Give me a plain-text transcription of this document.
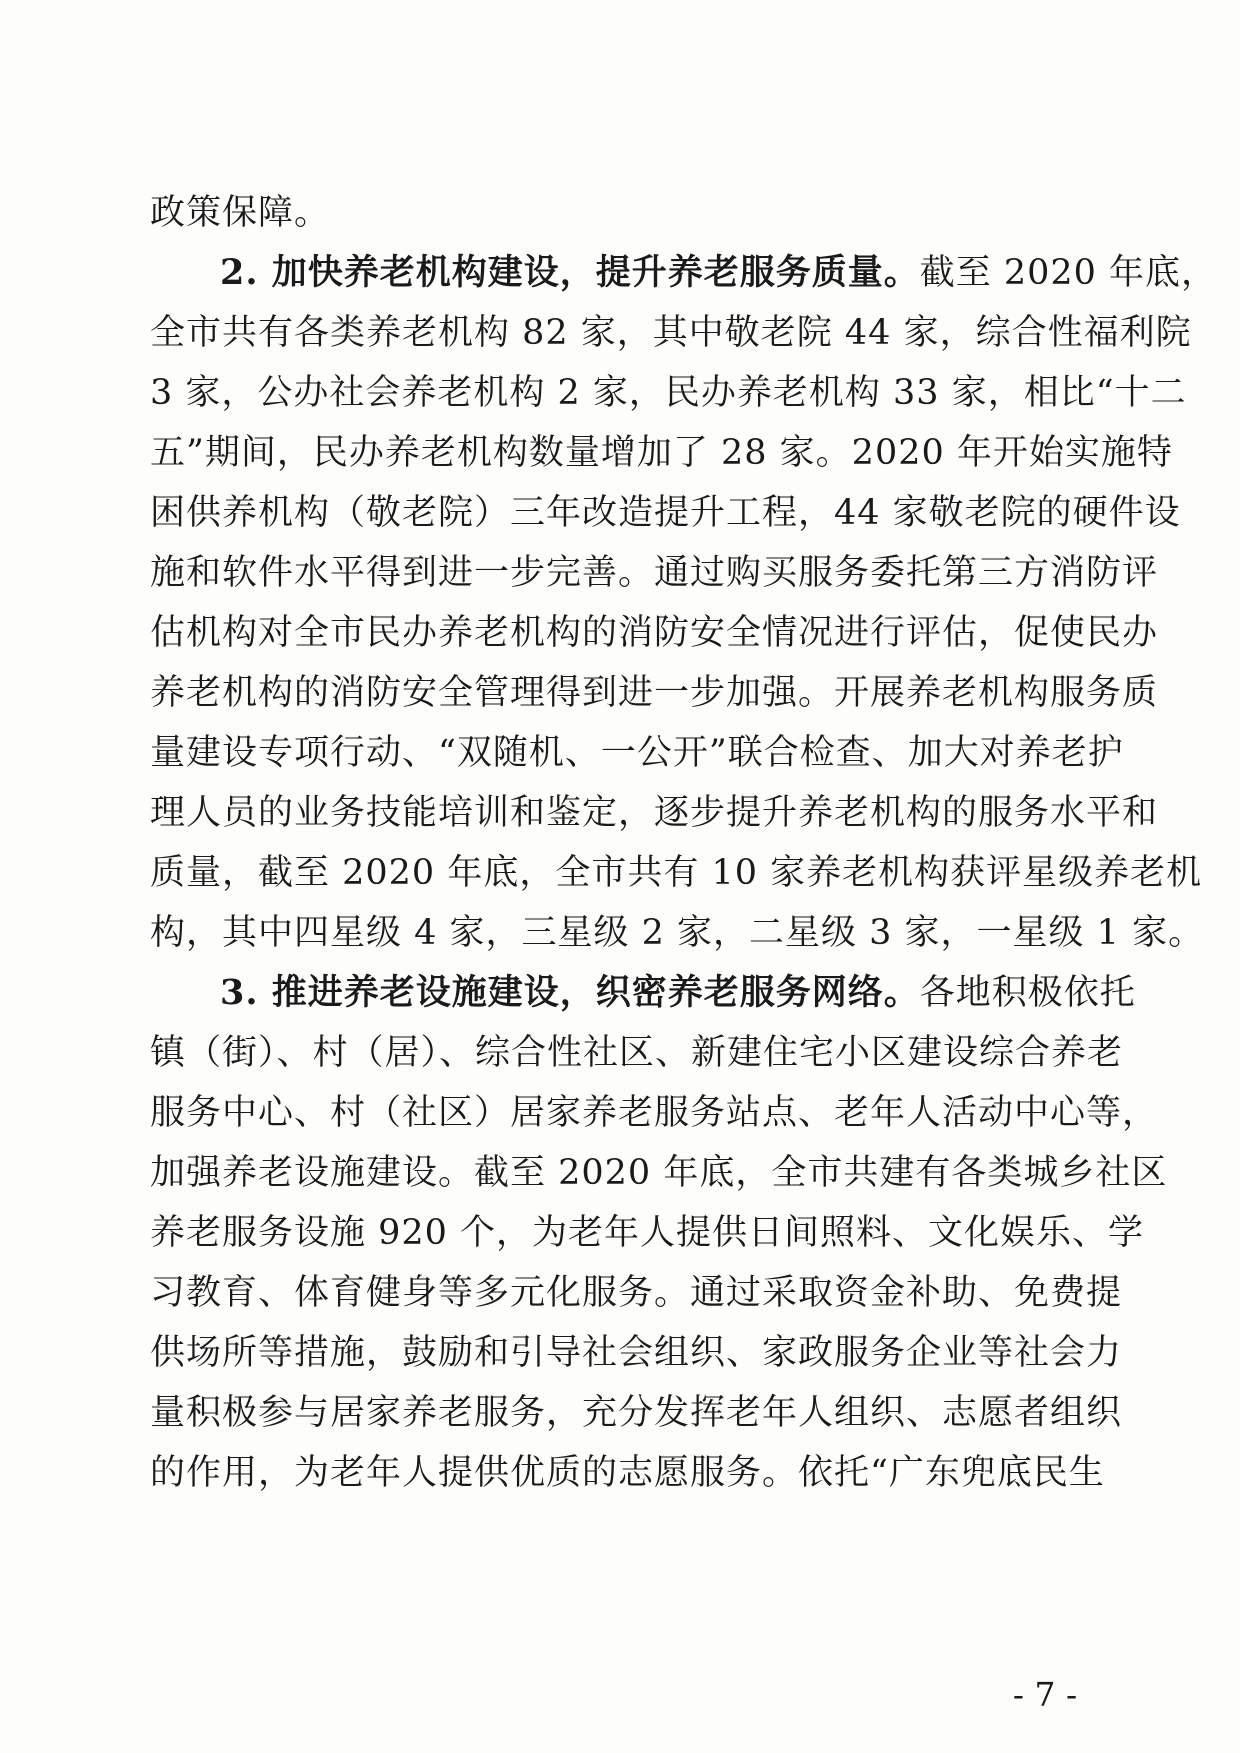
政策保障。
2. 加快养老机构建设，提升养老服务质量。截至 2020 年底，
全市共有各类养老机构 82 家，其中敬老院 44 家，综合性福利院
3 家，公办社会养老机构 2 家，民办养老机构 33 家，相比“十二
五”期间，民办养老机构数量增加了 28 家。2020 年开始实施特
困供养机构（敬老院）三年改造提升工程，44 家敬老院的硬件设
施和软件水平得到进一步完善。通过购买服务委托第三方消防评
估机构对全市民办养老机构的消防安全情况进行评估，促使民办
养老机构的消防安全管理得到进一步加强。开展养老机构服务质
量建设专项行动、“双随机、一公开”联合检查、加大对养老护
理人员的业务技能培训和鉴定，逐步提升养老机构的服务水平和
质量，截至 2020 年底，全市共有 10 家养老机构获评星级养老机
构，其中四星级 4 家，三星级 2 家，二星级 3 家，一星级 1 家。
3. 推进养老设施建设，织密养老服务网络。各地积极依托
镇（街）、村（居）、综合性社区、新建住宅小区建设综合养老
服务中心、村（社区）居家养老服务站点、老年人活动中心等，
加强养老设施建设。截至 2020 年底，全市共建有各类城乡社区
养老服务设施 920 个，为老年人提供日间照料、文化娱乐、学
习教育、体育健身等多元化服务。通过采取资金补助、免费提
供场所等措施，鼓励和引导社会组织、家政服务企业等社会力
量积极参与居家养老服务，充分发挥老年人组织、志愿者组织
的作用，为老年人提供优质的志愿服务。依托“广东兜底民生
- 7 -
